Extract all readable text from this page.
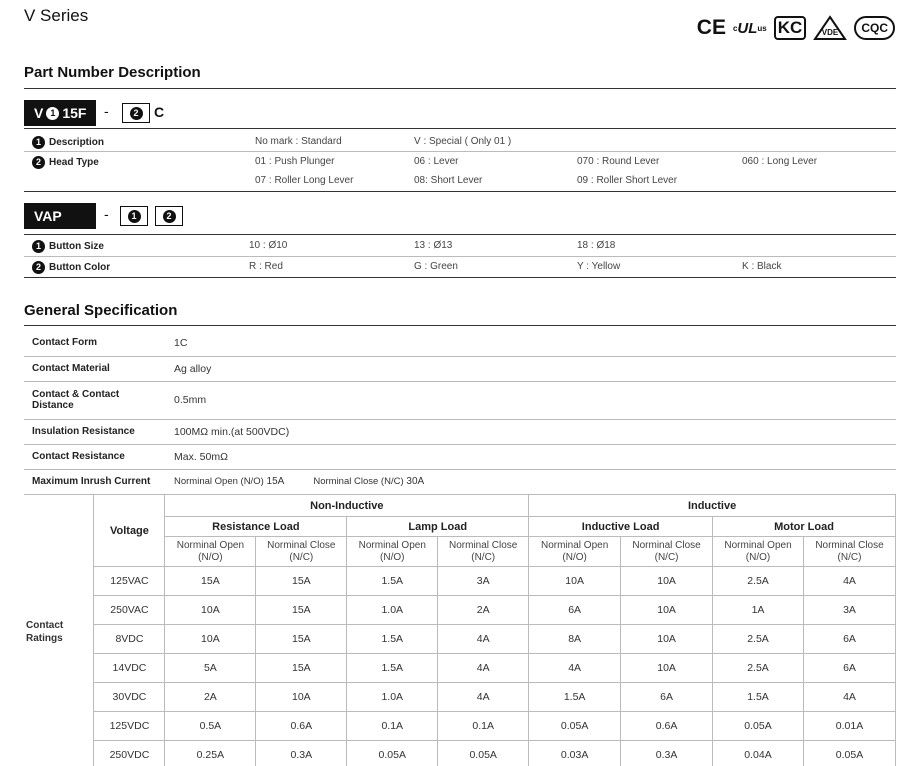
V Series
CE c UL us KC	VDE	CQC
Part Number Description
V 1 15F -	2 C
1 Description	No mark : Standard	V : Special ( Only 01 )
2 Head Type	01 : Push Plunger	06 : Lever	070 : Round Lever	060 : Long Lever
07 : Roller Long Lever	08: Short Lever	09 : Roller Short Lever
VAP	-	1	2
1 Button Size	10 : Ø10	13 : Ø13	18 : Ø18
2 Button Color	R : Red	G : Green	Y : Yellow	K : Black
General Specification
Contact Form	1C
Contact Material	Ag alloy
Contact & Contact Distance	0.5mm
Insulation Resistance	100MΩ min.(at 500VDC)
Contact Resistance	Max. 50mΩ
Maximum Inrush Current	Norminal Open (N/O) 15A Norminal Close (N/C) 30A
Contact Ratings	Voltage	Non-Inductive				Inductive			
		Resistance Load		Lamp Load		Inductive Load		Motor Load	
		Norminal Open (N/O)	Norminal Close (N/C)	Norminal Open (N/O)	Norminal Close (N/C)	Norminal Open (N/O)	Norminal Close (N/C)	Norminal Open (N/O)	Norminal Close (N/C)
	125VAC	15A	15A	1.5A	3A	10A	10A	2.5A	4A
	250VAC	10A	15A	1.0A	2A	6A	10A	1A	3A
	8VDC	10A	15A	1.5A	4A	8A	10A	2.5A	6A
	14VDC	5A	15A	1.5A	4A	4A	10A	2.5A	6A
	30VDC	2A	10A	1.0A	4A	1.5A	6A	1.5A	4A
	125VDC	0.5A	0.6A	0.1A	0.1A	0.05A	0.6A	0.05A	0.01A
	250VDC	0.25A	0.3A	0.05A	0.05A	0.03A	0.3A	0.04A	0.05A
